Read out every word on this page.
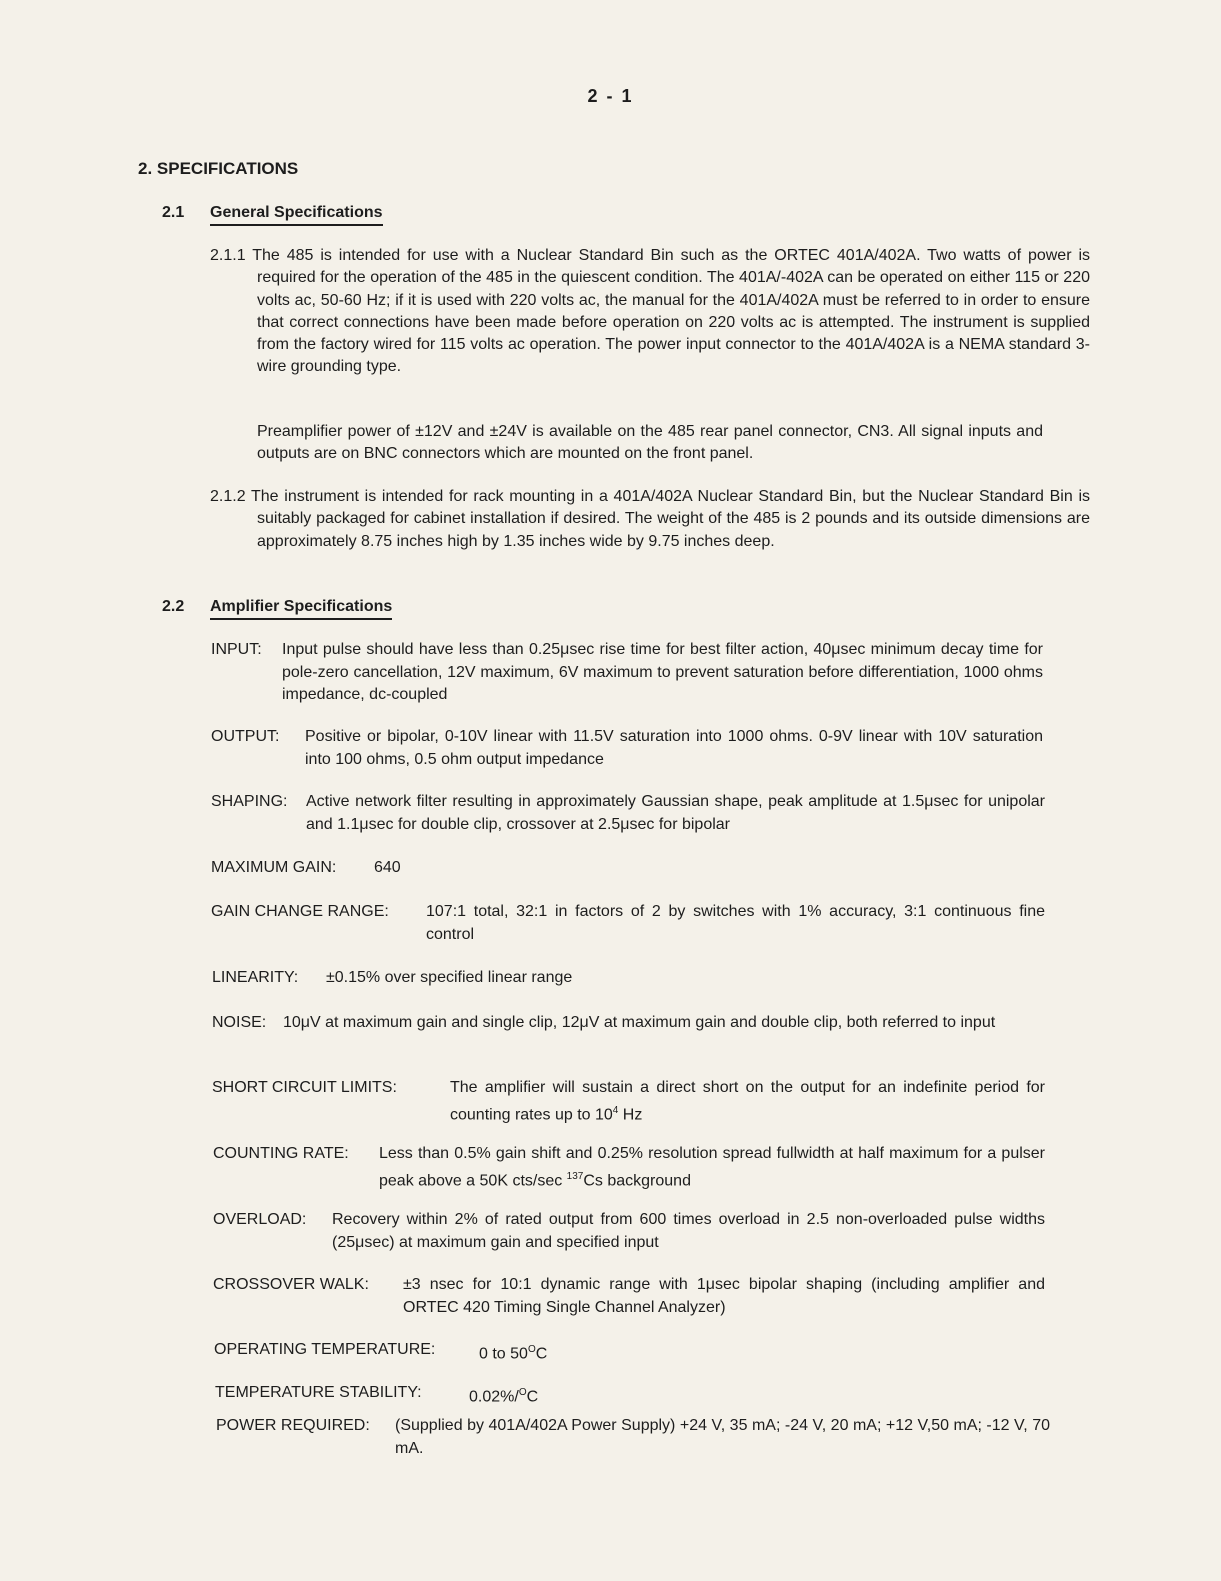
2 - 1
2. SPECIFICATIONS
2.1 General Specifications
2.1.1 The 485 is intended for use with a Nuclear Standard Bin such as the ORTEC 401A/402A. Two watts of power is required for the operation of the 485 in the quiescent condition. The 401A/-402A can be operated on either 115 or 220 volts ac, 50-60 Hz; if it is used with 220 volts ac, the manual for the 401A/402A must be referred to in order to ensure that correct connections have been made before operation on 220 volts ac is attempted. The instrument is supplied from the factory wired for 115 volts ac operation. The power input connector to the 401A/402A is a NEMA standard 3-wire grounding type.
Preamplifier power of ±12V and ±24V is available on the 485 rear panel connector, CN3. All signal inputs and outputs are on BNC connectors which are mounted on the front panel.
2.1.2 The instrument is intended for rack mounting in a 401A/402A Nuclear Standard Bin, but the Nuclear Standard Bin is suitably packaged for cabinet installation if desired. The weight of the 485 is 2 pounds and its outside dimensions are approximately 8.75 inches high by 1.35 inches wide by 9.75 inches deep.
2.2 Amplifier Specifications
INPUT: Input pulse should have less than 0.25μsec rise time for best filter action, 40μsec minimum decay time for pole-zero cancellation, 12V maximum, 6V maximum to prevent saturation before differentiation, 1000 ohms impedance, dc-coupled
OUTPUT: Positive or bipolar, 0-10V linear with 11.5V saturation into 1000 ohms. 0-9V linear with 10V saturation into 100 ohms, 0.5 ohm output impedance
SHAPING: Active network filter resulting in approximately Gaussian shape, peak amplitude at 1.5μsec for unipolar and 1.1μsec for double clip, crossover at 2.5μsec for bipolar
MAXIMUM GAIN: 640
GAIN CHANGE RANGE: 107:1 total, 32:1 in factors of 2 by switches with 1% accuracy, 3:1 continuous fine control
LINEARITY: ±0.15% over specified linear range
NOISE: 10μV at maximum gain and single clip, 12μV at maximum gain and double clip, both referred to input
SHORT CIRCUIT LIMITS:	The amplifier will sustain a direct short on the output for an indefinite period for counting rates up to $10^4$ Hz
COUNTING RATE: Less than 0.5% gain shift and 0.25% resolution spread fullwidth at half maximum for a pulser peak above a 50K cts/sec $^{137}$Cs background
OVERLOAD: Recovery within 2% of rated output from 600 times overload in 2.5 non-overloaded pulse widths (25μsec) at maximum gain and specified input
CROSSOVER WALK: ±3 nsec for 10:1 dynamic range with 1μsec bipolar shaping (including amplifier and ORTEC 420 Timing Single Channel Analyzer)
OPERATING TEMPERATURE:	0 to $50^OC$
TEMPERATURE STABILITY:	0.02%/$^O$C
POWER REQUIRED: (Supplied by 401A/402A Power Supply) +24 V, 35 mA; -24 V, 20 mA; +12 V,50 mA; -12 V, 70 mA.
